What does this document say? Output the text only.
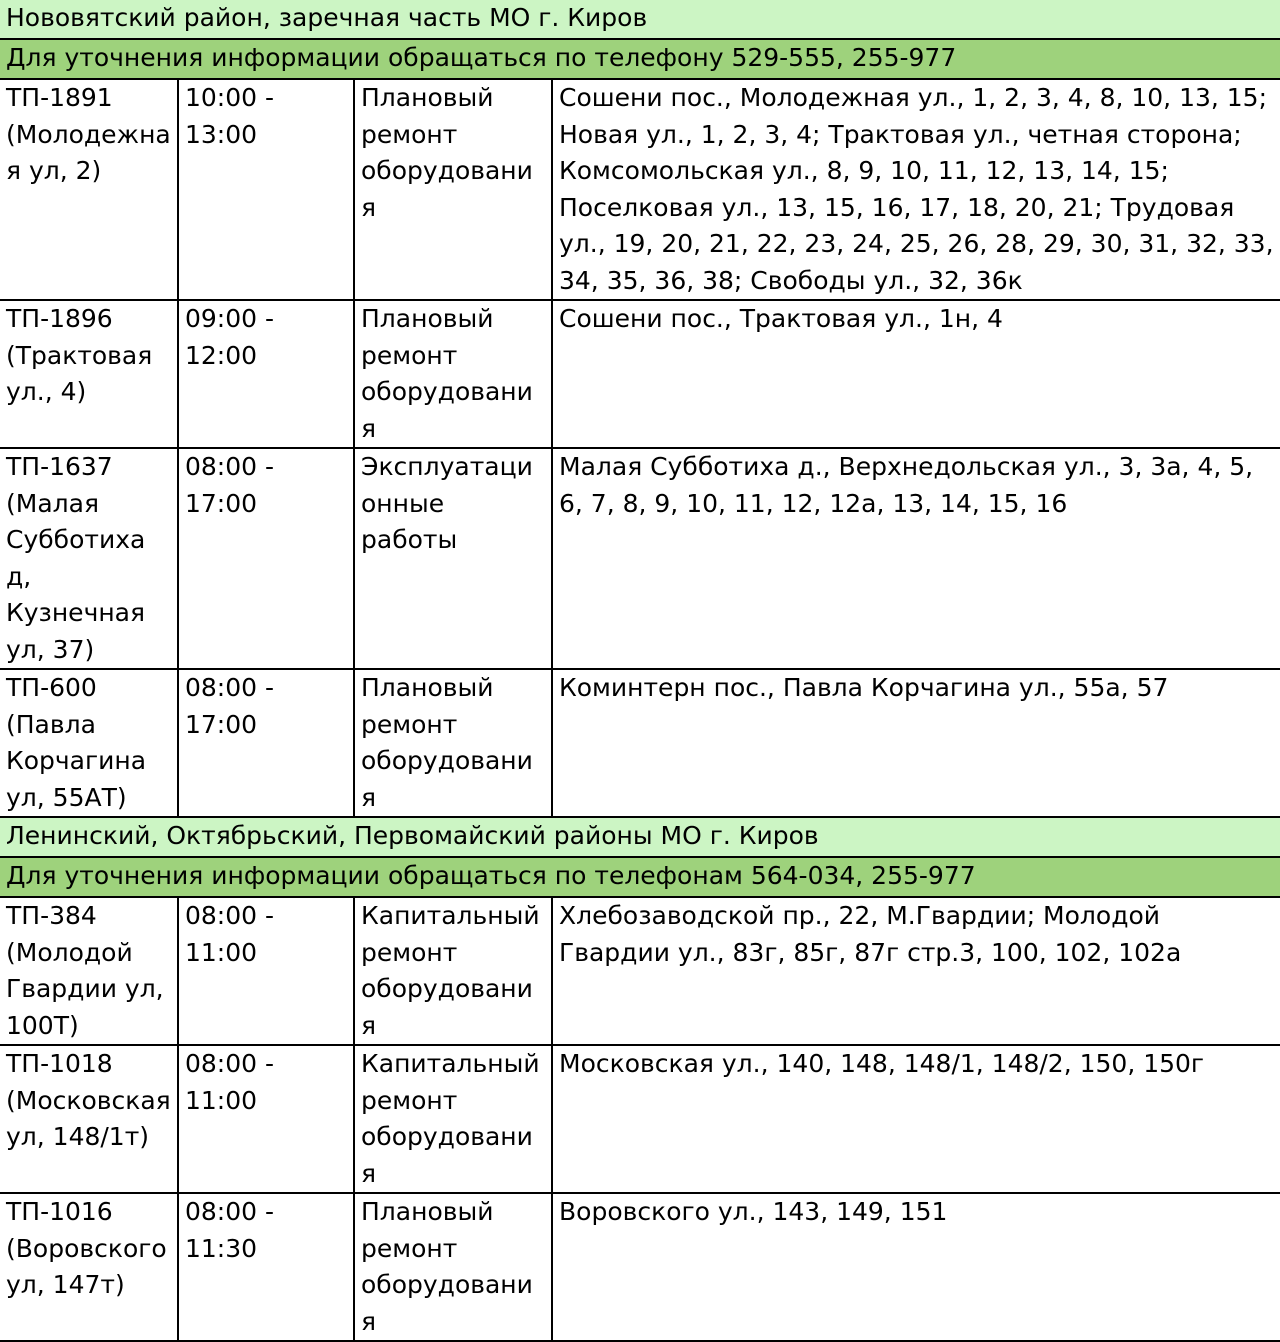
Нововятский район, заречная часть МО г. Киров			
Для уточнения информации обращаться по телефону 529-555, 255-977			
ТП-1891 (Молодежная ул, 2)	10:00 - 13:00	Плановый ремонт оборудования	Сошени пос., Молодежная ул., 1, 2, 3, 4, 8, 10, 13, 15; Новая ул., 1, 2, 3, 4; Трактовая ул., четная сторона; Комсомольская ул., 8, 9, 10, 11, 12, 13, 14, 15; Поселковая ул., 13, 15, 16, 17, 18, 20, 21; Трудовая ул., 19, 20, 21, 22, 23, 24, 25, 26, 28, 29, 30, 31, 32, 33, 34, 35, 36, 38; Свободы ул., 32, 36к
ТП-1896 (Трактовая ул., 4)	09:00 - 12:00	Плановый ремонт оборудования	Сошени пос., Трактовая ул., 1н, 4
ТП-1637 (Малая Субботиха д, Кузнечная ул, 37)	08:00 - 17:00	Эксплуатационные работы	Малая Субботиха д., Верхнедольская ул., 3, 3а, 4, 5, 6, 7, 8, 9, 10, 11, 12, 12а, 13, 14, 15, 16
ТП-600 (Павла Корчагина ул, 55АТ)	08:00 - 17:00	Плановый ремонт оборудования	Коминтерн пос., Павла Корчагина ул., 55а, 57
Ленинский, Октябрьский, Первомайский районы МО г. Киров			
Для уточнения информации обращаться по телефонам 564-034, 255-977			
ТП-384 (Молодой Гвардии ул, 100Т)	08:00 - 11:00	Капитальный ремонт оборудования	Хлебозаводской пр., 22, М.Гвардии; Молодой Гвардии ул., 83г, 85г, 87г стр.3, 100, 102, 102а
ТП-1018 (Московская ул, 148/1т)	08:00 - 11:00	Капитальный ремонт оборудования	Московская ул., 140, 148, 148/1, 148/2, 150, 150г
ТП-1016 (Воровского ул, 147т)	08:00 - 11:30	Плановый ремонт оборудования	Воровского ул., 143, 149, 151
